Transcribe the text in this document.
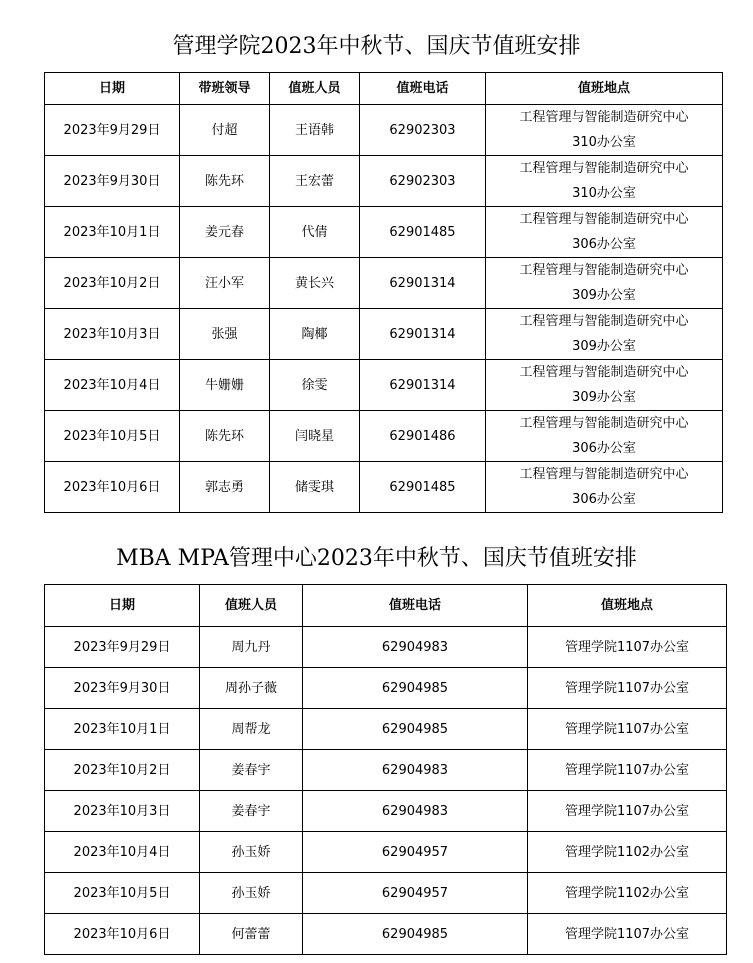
管理学院2023年中秋节、国庆节值班安排
日期	带班领导	值班人员	值班电话	值班地点
2023年9月29日	付超	王语韩	62902303	工程管理与智能制造研究中心
310办公室

2023年9月30日	陈先环	王宏蕾	62902303	工程管理与智能制造研究中心
310办公室

2023年10月1日	姜元春	代倩	62901485	工程管理与智能制造研究中心
306办公室

2023年10月2日	汪小军	黄长兴	62901314	工程管理与智能制造研究中心
309办公室

2023年10月3日	张强	陶椰	62901314	工程管理与智能制造研究中心
309办公室

2023年10月4日	牛姗姗	徐雯	62901314	工程管理与智能制造研究中心
309办公室

2023年10月5日	陈先环	闫晓星	62901486	工程管理与智能制造研究中心
306办公室

2023年10月6日	郭志勇	储雯琪	62901485	工程管理与智能制造研究中心
306办公室
MBA MPA管理中心2023年中秋节、国庆节值班安排
日期	值班人员	值班电话	值班地点
2023年9月29日	周九丹	62904983	管理学院1107办公室
2023年9月30日	周孙子薇	62904985	管理学院1107办公室
2023年10月1日	周帮龙	62904985	管理学院1107办公室
2023年10月2日	姜春宇	62904983	管理学院1107办公室
2023年10月3日	姜春宇	62904983	管理学院1107办公室
2023年10月4日	孙玉娇	62904957	管理学院1102办公室
2023年10月5日	孙玉娇	62904957	管理学院1102办公室
2023年10月6日	何蕾蕾	62904985	管理学院1107办公室
